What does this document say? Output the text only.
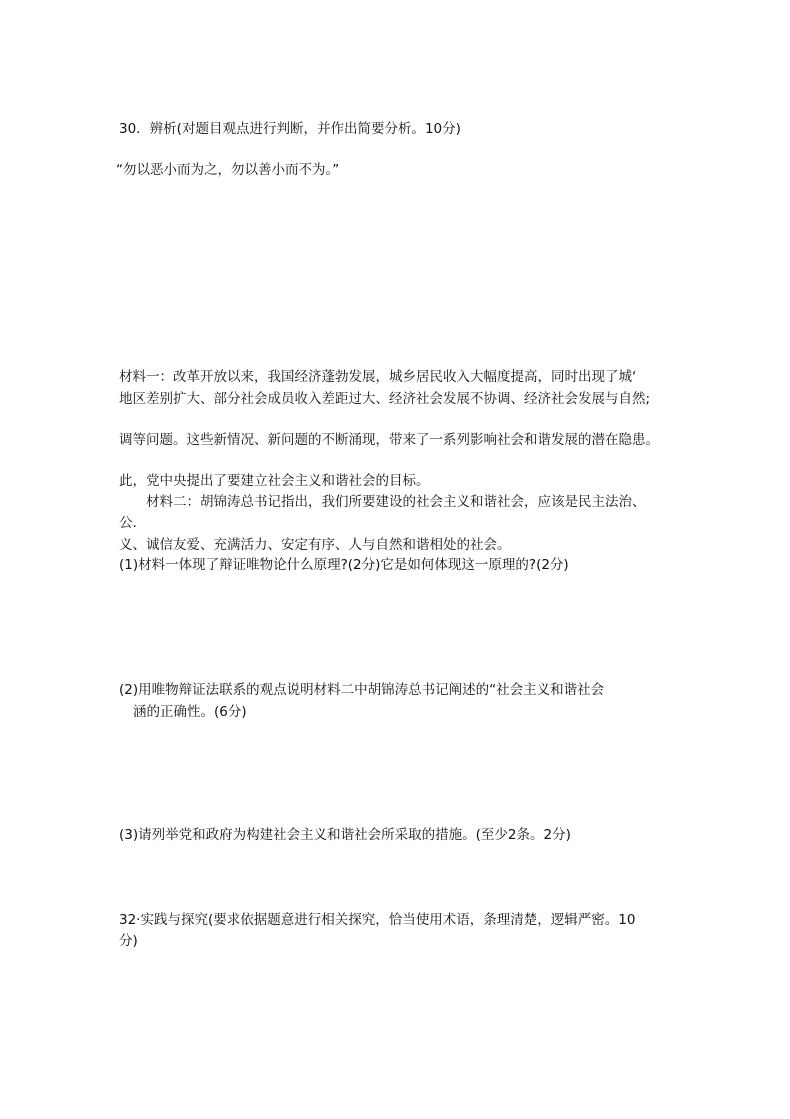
30．辨析(对题目观点进行判断，并作出简要分析。10分)
“勿以恶小而为之，勿以善小而不为。”
材料一：改革开放以来，我国经济蓬勃发展，城乡居民收入大幅度提高，同时出现了城‘
地区差别扩大、部分社会成员收入差距过大、经济社会发展不协调、经济社会发展与自然;
调等问题。这些新情况、新问题的不断涌现，带来了一系列影响社会和谐发展的潜在隐患。
此，党中央提出了要建立社会主义和谐社会的目标。
材料二：胡锦涛总书记指出，我们所要建设的社会主义和谐社会，应该是民主法治、
公.
义、诚信友爱、充满活力、安定有序、人与自然和谐相处的社会。
(1)材料一体现了辩证唯物论什么原理?(2分)它是如何体现这一原理的?(2分)
(2)用唯物辩证法联系的观点说明材料二中胡锦涛总书记阐述的“社会主义和谐社会
涵的正确性。(6分)
(3)请列举党和政府为构建社会主义和谐社会所采取的措施。(至少2条。2分)
32·实践与探究(要求依据题意进行相关探究，恰当使用术语，条理清楚，逻辑严密。10
分)
